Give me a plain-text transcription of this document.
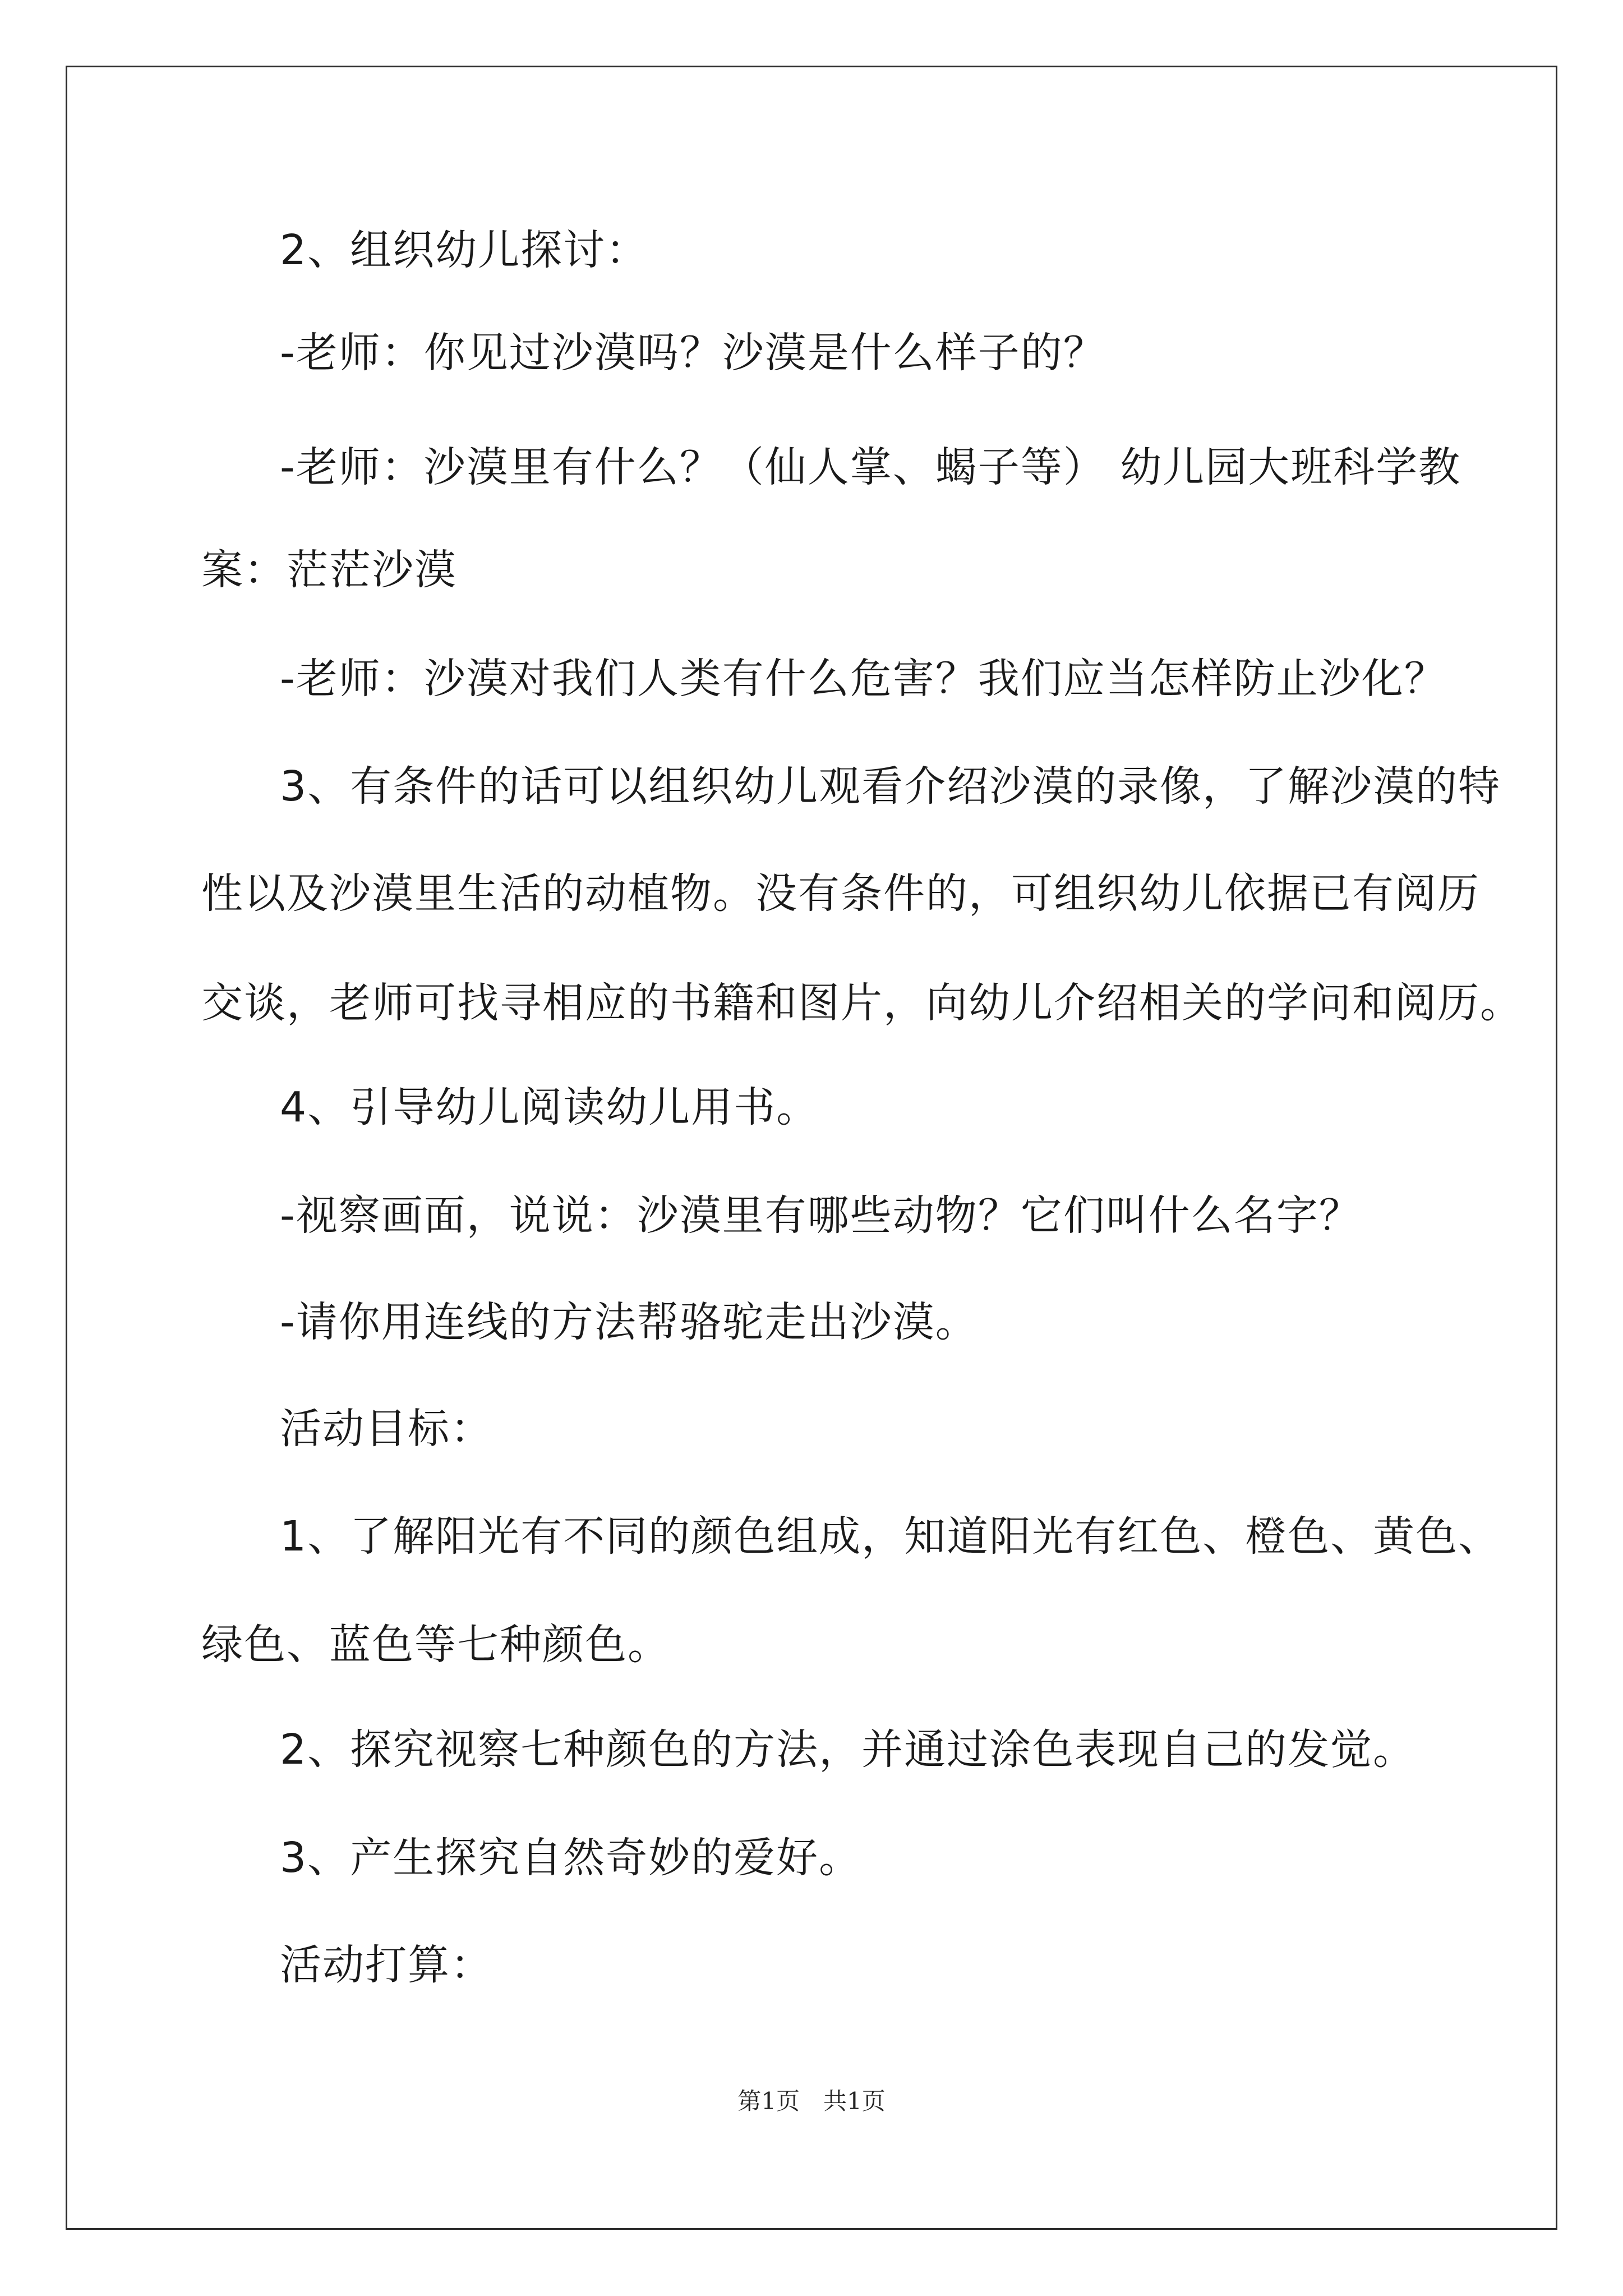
2、组织幼儿探讨：
-老师：你见过沙漠吗？沙漠是什么样子的？
-老师：沙漠里有什么？（仙人掌、蝎子等） 幼儿园大班科学教
案：茫茫沙漠
-老师：沙漠对我们人类有什么危害？我们应当怎样防止沙化？
3、有条件的话可以组织幼儿观看介绍沙漠的录像，了解沙漠的特
性以及沙漠里生活的动植物。没有条件的，可组织幼儿依据已有阅历
交谈，老师可找寻相应的书籍和图片，向幼儿介绍相关的学问和阅历。
4、引导幼儿阅读幼儿用书。
-视察画面，说说：沙漠里有哪些动物？它们叫什么名字？
-请你用连线的方法帮骆驼走出沙漠。
活动目标：
1、了解阳光有不同的颜色组成，知道阳光有红色、橙色、黄色、
绿色、蓝色等七种颜色。
2、探究视察七种颜色的方法，并通过涂色表现自己的发觉。
3、产生探究自然奇妙的爱好。
活动打算：
第1页　共1页
